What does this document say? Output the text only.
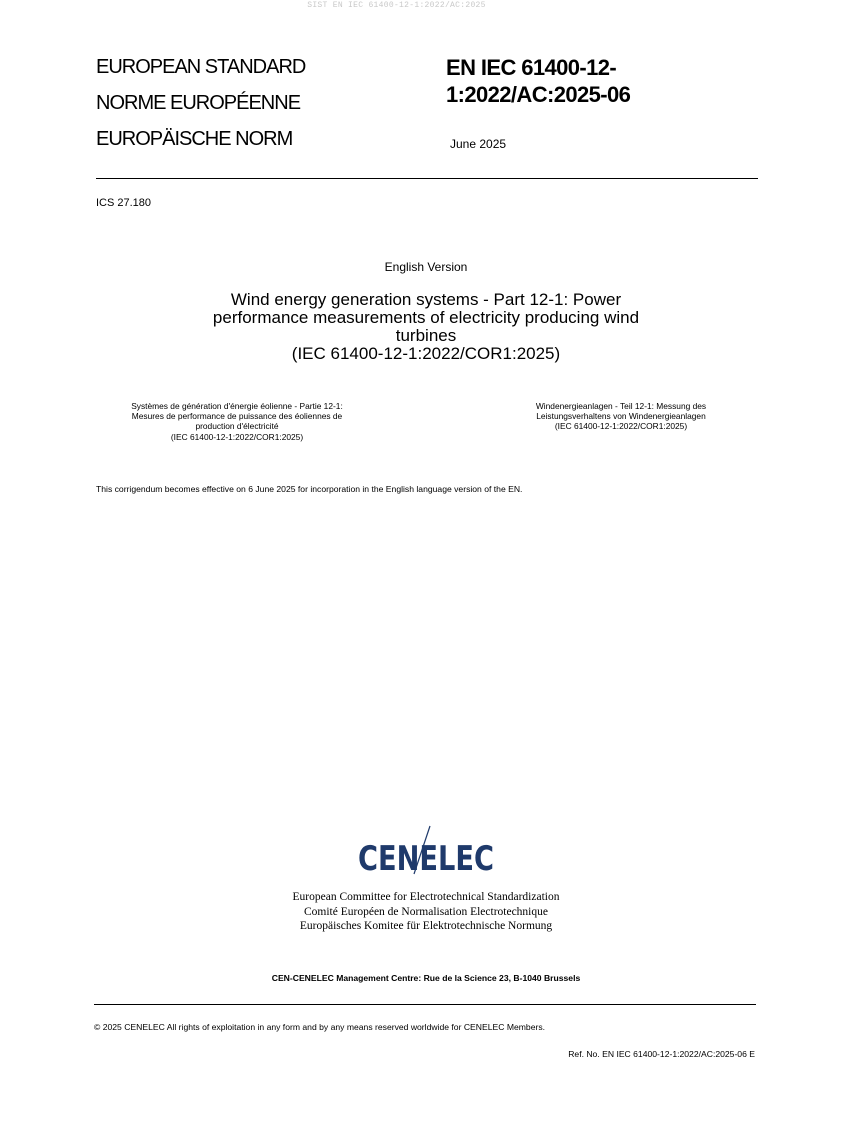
SIST EN IEC 61400-12-1:2022/AC:2025
EUROPEAN STANDARD
NORME EUROPÉENNE
EUROPÄISCHE NORM
EN IEC 61400-12-
1:2022/AC:2025-06
June 2025
ICS 27.180
English Version
Wind energy generation systems - Part 12-1: Power
performance measurements of electricity producing wind
turbines
(IEC 61400-12-1:2022/COR1:2025)
Systèmes de génération d'énergie éolienne - Partie 12-1:
Mesures de performance de puissance des éoliennes de
production d'électricité
(IEC 61400-12-1:2022/COR1:2025)
Windenergieanlagen - Teil 12-1: Messung des
Leistungsverhaltens von Windenergieanlagen
(IEC 61400-12-1:2022/COR1:2025)
This corrigendum becomes effective on 6 June 2025 for incorporation in the English language version of the EN.
CENELEC
European Committee for Electrotechnical Standardization
Comité Européen de Normalisation Electrotechnique
Europäisches Komitee für Elektrotechnische Normung
CEN-CENELEC Management Centre: Rue de la Science 23, B-1040 Brussels
© 2025 CENELEC All rights of exploitation in any form and by any means reserved worldwide for CENELEC Members.
Ref. No. EN IEC 61400-12-1:2022/AC:2025-06 E
